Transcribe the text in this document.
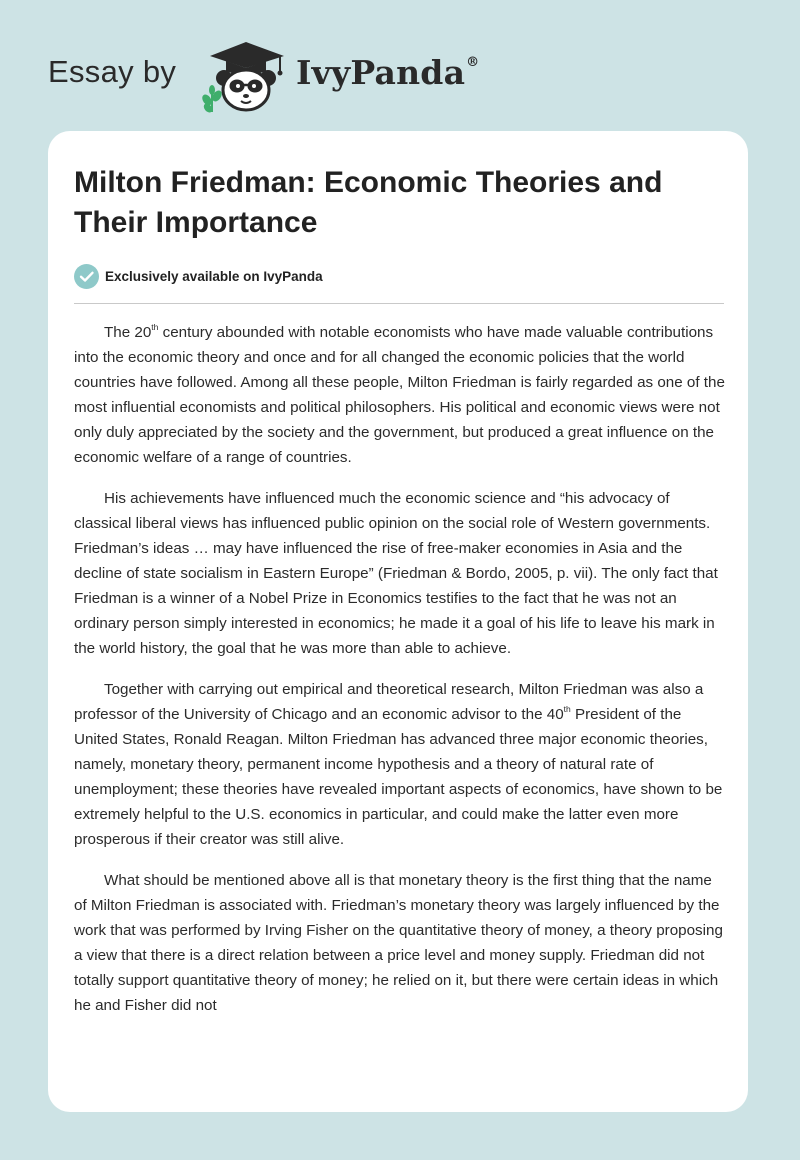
Essay by	IvyPanda®
Milton Friedman: Economic Theories and Their Importance
Exclusively available on IvyPanda

The 20th century abounded with notable economists who have made valuable contributions into the economic theory and once and for all changed the economic policies that the world countries have followed. Among all these people, Milton Friedman is fairly regarded as one of the most influential economists and political philosophers. His political and economic views were not only duly appreciated by the society and the government, but produced a great influence on the economic welfare of a range of countries.

His achievements have influenced much the economic science and “his advocacy of classical liberal views has influenced public opinion on the social role of Western governments. Friedman’s ideas … may have influenced the rise of free-maker economies in Asia and the decline of state socialism in Eastern Europe” (Friedman & Bordo, 2005, p. vii). The only fact that Friedman is a winner of a Nobel Prize in Economics testifies to the fact that he was not an ordinary person simply interested in economics; he made it a goal of his life to leave his mark in the world history, the goal that he was more than able to achieve.

Together with carrying out empirical and theoretical research, Milton Friedman was also a professor of the University of Chicago and an economic advisor to the 40th President of the United States, Ronald Reagan. Milton Friedman has advanced three major economic theories, namely, monetary theory, permanent income hypothesis and a theory of natural rate of unemployment; these theories have revealed important aspects of economics, have shown to be extremely helpful to the U.S. economics in particular, and could make the latter even more prosperous if their creator was still alive.

What should be mentioned above all is that monetary theory is the first thing that the name of Milton Friedman is associated with. Friedman’s monetary theory was largely influenced by the work that was performed by Irving Fisher on the quantitative theory of money, a theory proposing a view that there is a direct relation between a price level and money supply. Friedman did not totally support quantitative theory of money; he relied on it, but there were certain ideas in which he and Fisher did not
